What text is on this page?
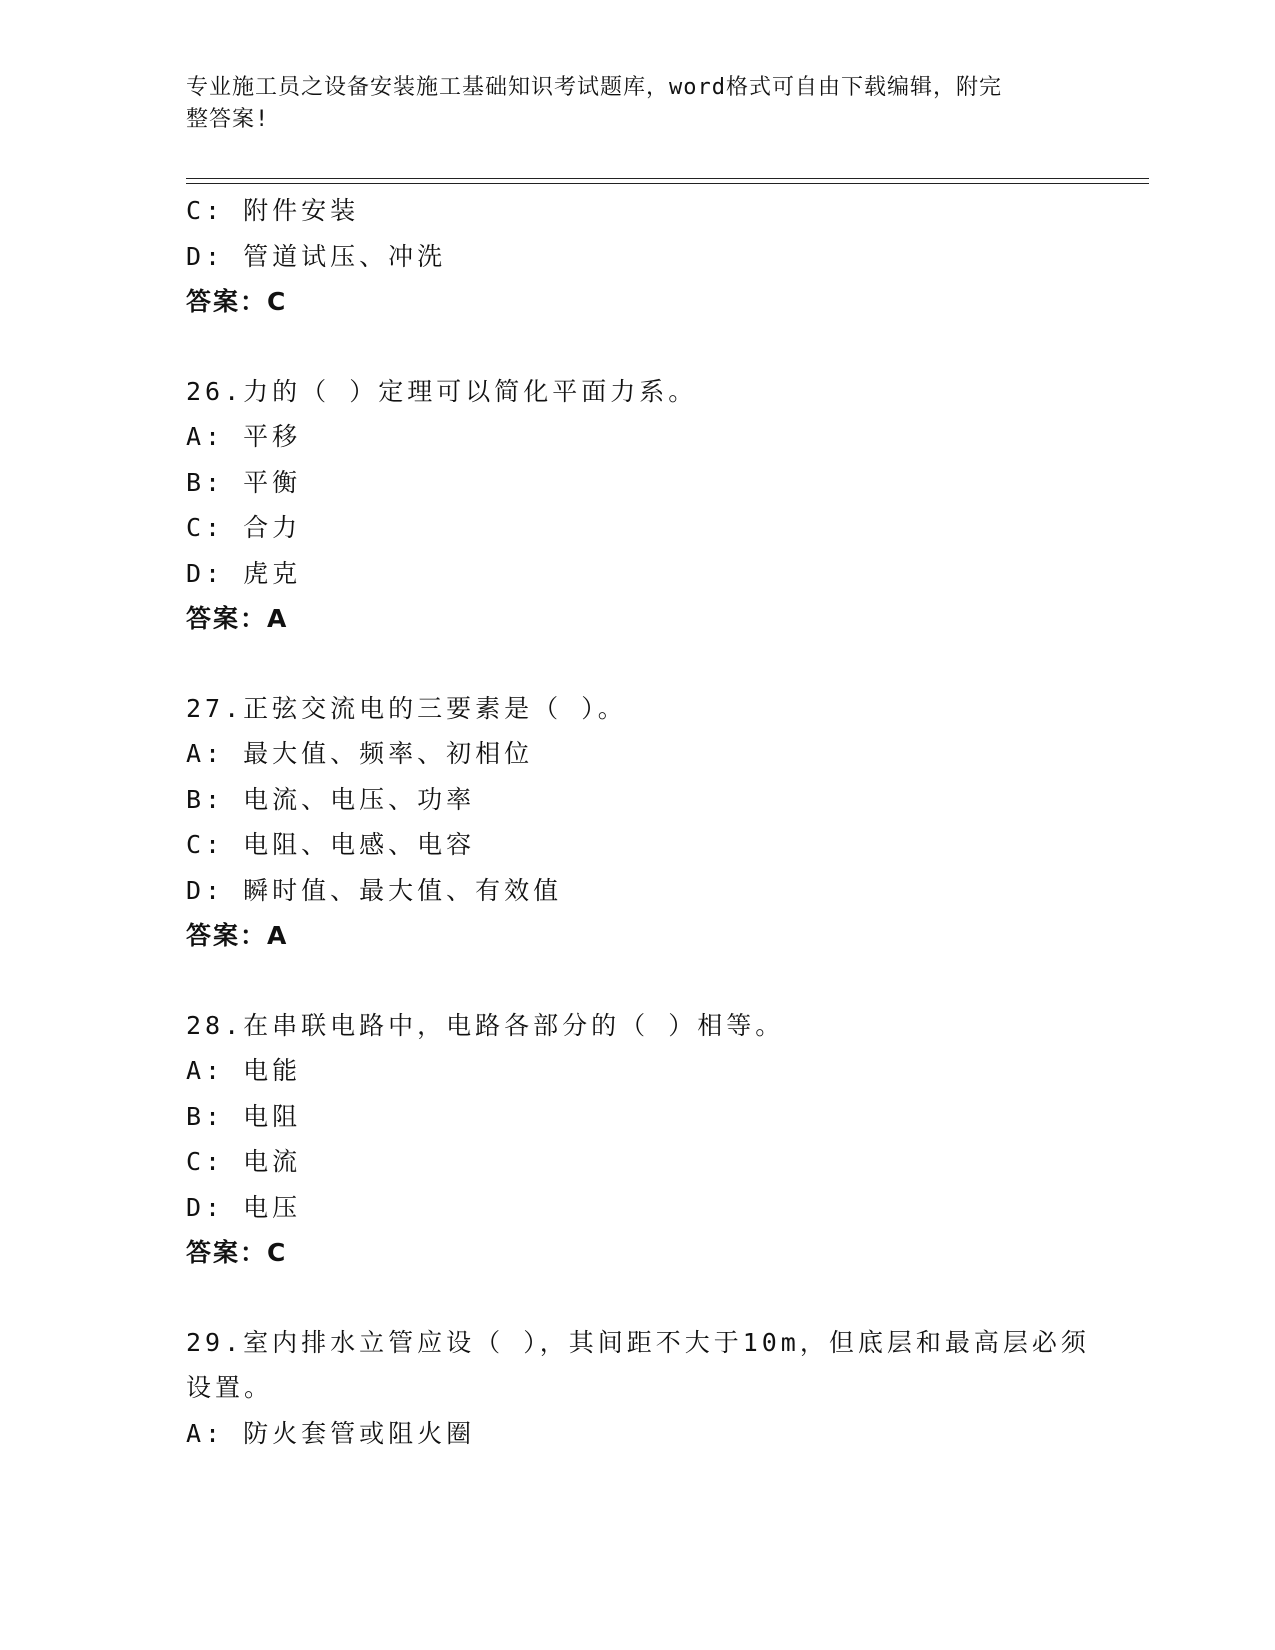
专业施工员之设备安装施工基础知识考试题库，word格式可自由下载编辑，附完
整答案!
C: 附件安装
D: 管道试压、冲洗
答案：C
26.力的（ ）定理可以简化平面力系。
A: 平移
B: 平衡
C: 合力
D: 虎克
答案：A
27.正弦交流电的三要素是（ ）。
A: 最大值、频率、初相位
B: 电流、电压、功率
C: 电阻、电感、电容
D: 瞬时值、最大值、有效值
答案：A
28.在串联电路中，电路各部分的（ ）相等。
A: 电能
B: 电阻
C: 电流
D: 电压
答案：C
29.室内排水立管应设（ ），其间距不大于10m，但底层和最高层必须
设置。
A: 防火套管或阻火圈
